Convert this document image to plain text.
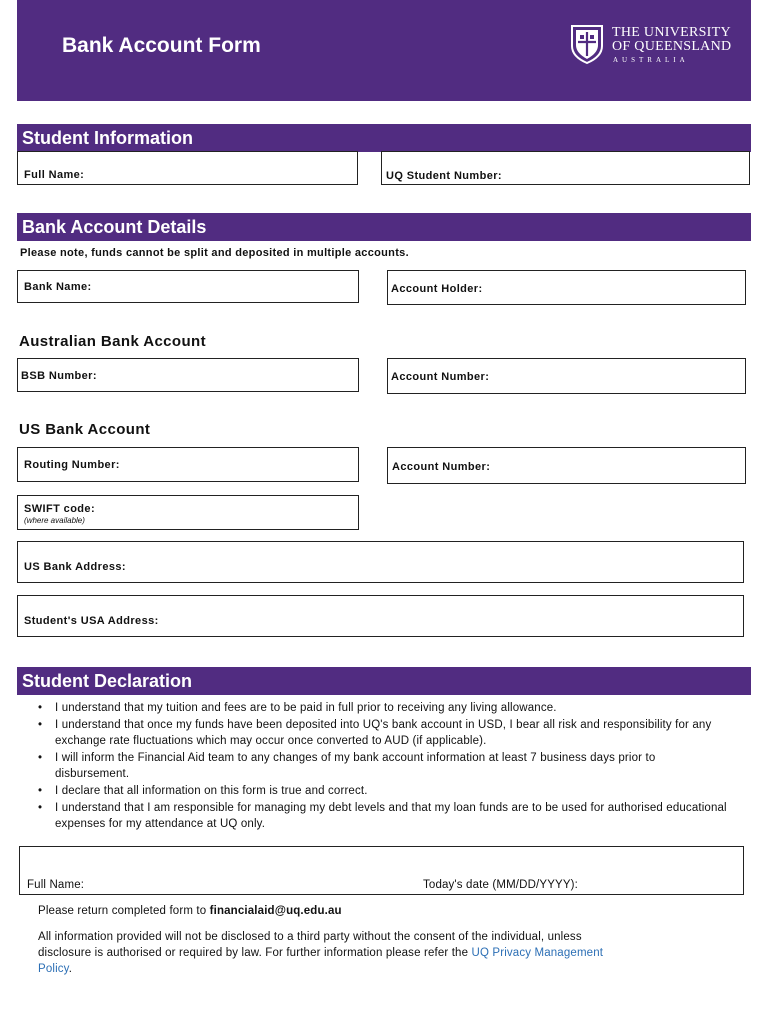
Bank Account Form
THE UNIVERSITY
OF QUEENSLAND
AUSTRALIA
Student Information
Full Name:	UQ Student Number:
Bank Account Details
Please note, funds cannot be split and deposited in multiple accounts.
Bank Name:	Account Holder:
Australian Bank Account
BSB Number:	Account Number:
US Bank Account
Routing Number:	Account Number:
SWIFT code:
(where available)
US Bank Address:
Student's USA Address:
Student Declaration
• I understand that my tuition and fees are to be paid in full prior to receiving any living allowance.
• I understand that once my funds have been deposited into UQ's bank account in USD, I bear all risk and responsibility for any exchange rate fluctuations which may occur once converted to AUD (if applicable).
• I will inform the Financial Aid team to any changes of my bank account information at least 7 business days prior to disbursement.
• I declare that all information on this form is true and correct.
• I understand that I am responsible for managing my debt levels and that my loan funds are to be used for authorised educational expenses for my attendance at UQ only.
Full Name:	Today's date (MM/DD/YYYY):
Please return completed form to financialaid@uq.edu.au
All information provided will not be disclosed to a third party without the consent of the individual, unless
disclosure is authorised or required by law. For further information please refer the UQ Privacy Management
Policy.
